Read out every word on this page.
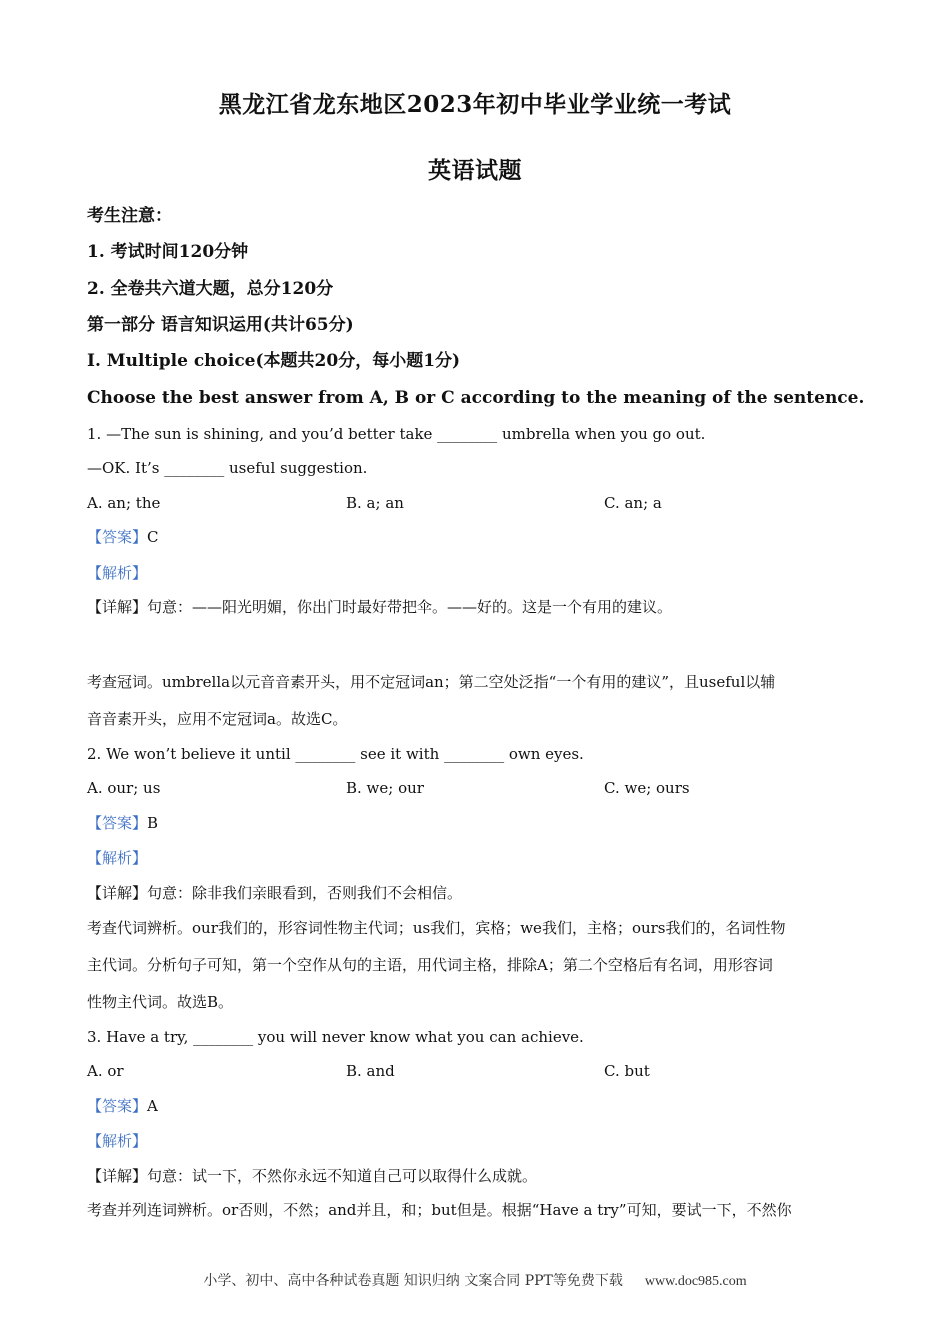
黑龙江省龙东地区2023年初中毕业学业统一考试
英语试题
考生注意：
1. 考试时间120分钟
2. 全卷共六道大题，总分120分
第一部分 语言知识运用(共计65分)
Ⅰ. Multiple choice(本题共20分，每小题1分)
Choose the best answer from A, B or C according to the meaning of the sentence.
1. —The sun is shining, and you’d better take ________ umbrella when you go out.
—OK. It’s ________ useful suggestion.
A. an; the	B. a; an	C. an; a
【答案】C
【解析】
【详解】句意：——阳光明媚，你出门时最好带把伞。——好的。这是一个有用的建议。
考查冠词。umbrella以元音音素开头，用不定冠词an；第二空处泛指“一个有用的建议”，且useful以辅
音音素开头，应用不定冠词a。故选C。
2. We won’t believe it until ________ see it with ________ own eyes.
A. our; us	B. we; our	C. we; ours
【答案】B
【解析】
【详解】句意：除非我们亲眼看到，否则我们不会相信。
考查代词辨析。our我们的，形容词性物主代词；us我们，宾格；we我们，主格；ours我们的，名词性物
主代词。分析句子可知，第一个空作从句的主语，用代词主格，排除A；第二个空格后有名词，用形容词
性物主代词。故选B。
3. Have a try, ________ you will never know what you can achieve.
A. or	B. and	C. but
【答案】A
【解析】
【详解】句意：试一下，不然你永远不知道自己可以取得什么成就。
考查并列连词辨析。or否则，不然；and并且，和；but但是。根据“Have a try”可知，要试一下，不然你
小学、初中、高中各种试卷真题 知识归纳 文案合同 PPT等免费下载 www.doc985.com
